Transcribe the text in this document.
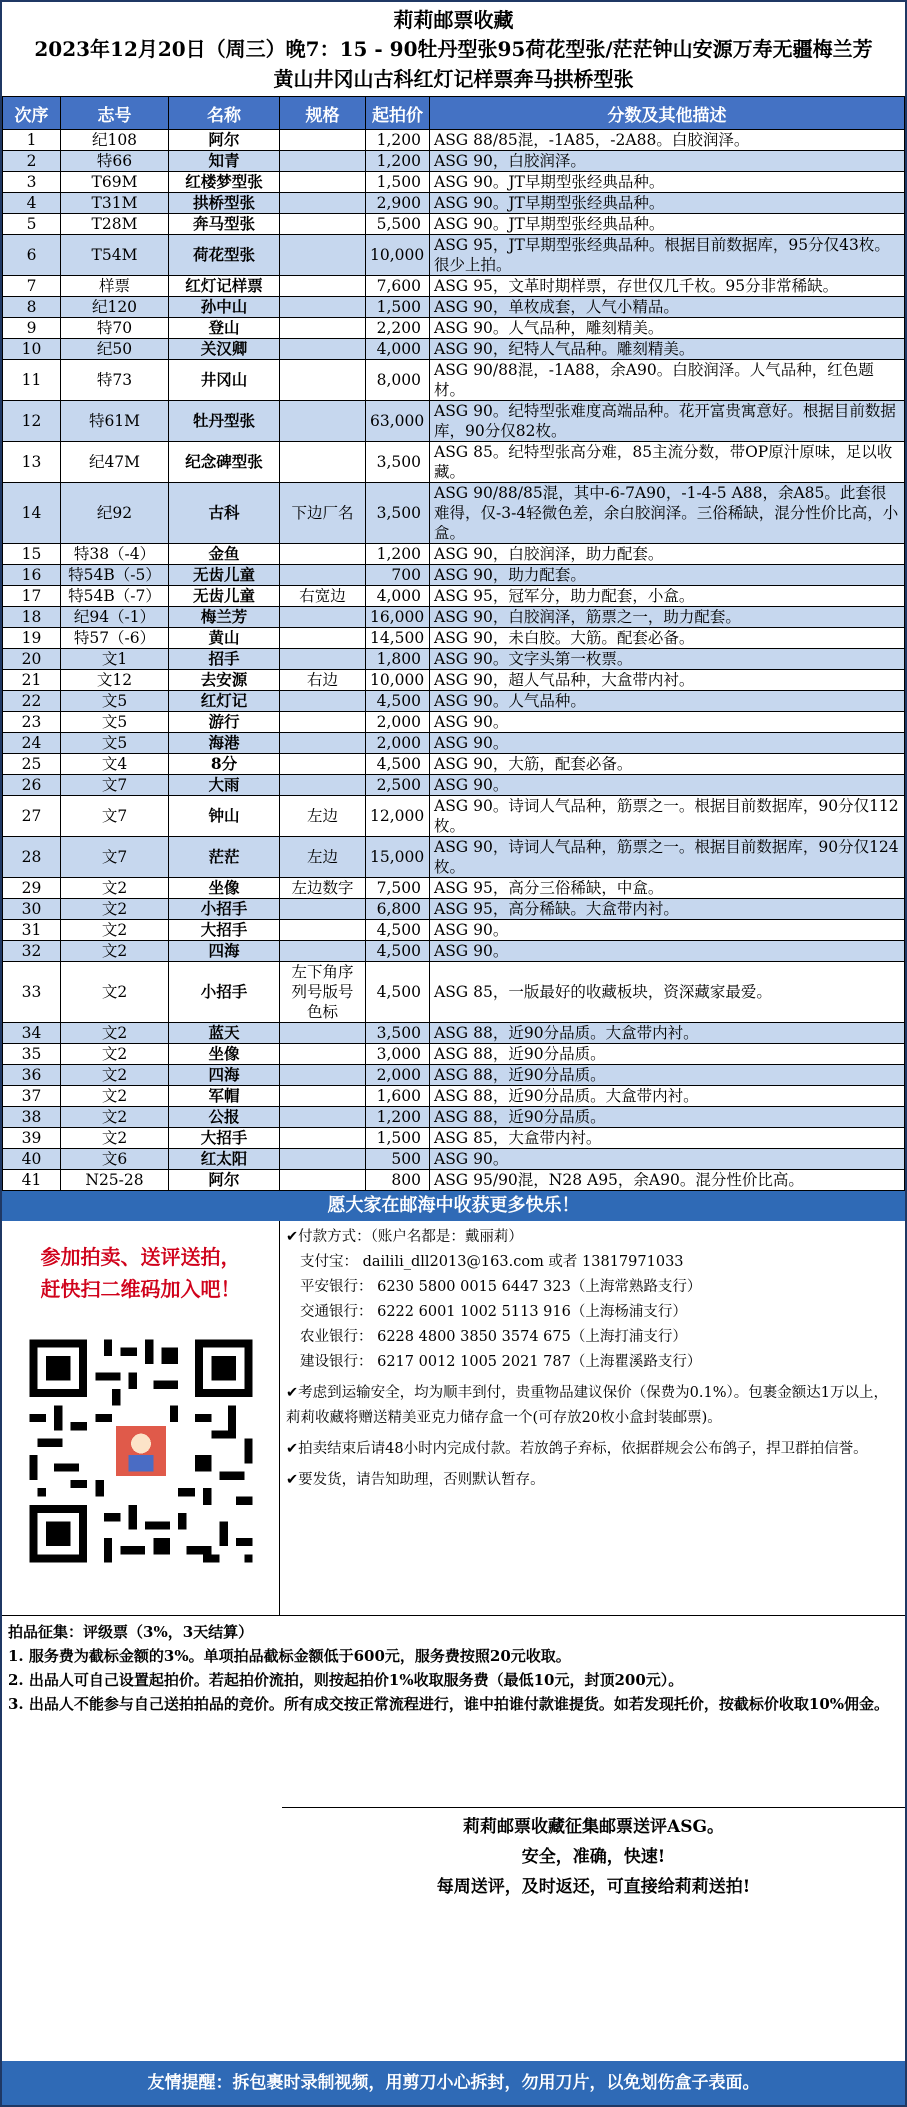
莉莉邮票收藏
2023年12月20日（周三）晚7：15 - 90牡丹型张95荷花型张/茫茫钟山安源万寿无疆梅兰芳
黄山井冈山古科红灯记样票奔马拱桥型张
次序	志号	名称	规格	起拍价	分数及其他描述
1	纪108	阿尔		1,200	ASG 88/85混，-1A85，-2A88。白胶润泽。
2	特66	知青		1,200	ASG 90，白胶润泽。
3	T69M	红楼梦型张		1,500	ASG 90。JT早期型张经典品种。
4	T31M	拱桥型张		2,900	ASG 90。JT早期型张经典品种。
5	T28M	奔马型张		5,500	ASG 90。JT早期型张经典品种。
6	T54M	荷花型张		10,000	ASG 95，JT早期型张经典品种。根据目前数据库，95分仅43枚。很少上拍。
7	样票	红灯记样票		7,600	ASG 95，文革时期样票，存世仅几千枚。95分非常稀缺。
8	纪120	孙中山		1,500	ASG 90，单枚成套，人气小精品。
9	特70	登山		2,200	ASG 90。人气品种，雕刻精美。
10	纪50	关汉卿		4,000	ASG 90，纪特人气品种。雕刻精美。
11	特73	井冈山		8,000	ASG 90/88混，-1A88，余A90。白胶润泽。人气品种，红色题材。
12	特61M	牡丹型张		63,000	ASG 90。纪特型张难度高端品种。花开富贵寓意好。根据目前数据库，90分仅82枚。
13	纪47M	纪念碑型张		3,500	ASG 85。纪特型张高分难，85主流分数，带OP原汁原味，足以收藏。
14	纪92	古科	下边厂名	3,500	ASG 90/88/85混，其中-6-7A90，-1-4-5 A88，余A85。此套很难得，仅-3-4轻微色差，余白胶润泽。三俗稀缺，混分性价比高，小盒。
15	特38（-4）	金鱼		1,200	ASG 90，白胶润泽，助力配套。
16	特54B（-5）	无齿儿童		700	ASG 90，助力配套。
17	特54B（-7）	无齿儿童	右宽边	4,000	ASG 95，冠军分，助力配套，小盒。
18	纪94（-1）	梅兰芳		16,000	ASG 90，白胶润泽，筋票之一，助力配套。
19	特57（-6）	黄山		14,500	ASG 90，未白胶。大筋。配套必备。
20	文1	招手		1,800	ASG 90。文字头第一枚票。
21	文12	去安源	右边	10,000	ASG 90，超人气品种，大盒带内衬。
22	文5	红灯记		4,500	ASG 90。人气品种。
23	文5	游行		2,000	ASG 90。
24	文5	海港		2,000	ASG 90。
25	文4	8分		4,500	ASG 90，大筋，配套必备。
26	文7	大雨		2,500	ASG 90。
27	文7	钟山	左边	12,000	ASG 90。诗词人气品种，筋票之一。根据目前数据库，90分仅112枚。
28	文7	茫茫	左边	15,000	ASG 90，诗词人气品种，筋票之一。根据目前数据库，90分仅124枚。
29	文2	坐像	左边数字	7,500	ASG 95，高分三俗稀缺，中盒。
30	文2	小招手		6,800	ASG 95，高分稀缺。大盒带内衬。
31	文2	大招手		4,500	ASG 90。
32	文2	四海		4,500	ASG 90。
33	文2	小招手	左下角序列号版号色标	4,500	ASG 85，一版最好的收藏板块，资深藏家最爱。
34	文2	蓝天		3,500	ASG 88，近90分品质。大盒带内衬。
35	文2	坐像		3,000	ASG 88，近90分品质。
36	文2	四海		2,000	ASG 88，近90分品质。
37	文2	军帽		1,600	ASG 88，近90分品质。大盒带内衬。
38	文2	公报		1,200	ASG 88，近90分品质。
39	文2	大招手		1,500	ASG 85，大盒带内衬。
40	文6	红太阳		500	ASG 90。
41	N25-28	阿尔		800	ASG 95/90混，N28 A95，余A90。混分性价比高。
愿大家在邮海中收获更多快乐！
参加拍卖、送评送拍，
赶快扫二维码加入吧！
✔付款方式：（账户名都是：戴丽莉）
支付宝： dailili_dll2013@163.com 或者 13817971033
平安银行： 6230 5800 0015 6447 323（上海常熟路支行）
交通银行： 6222 6001 1002 5113 916（上海杨浦支行）
农业银行： 6228 4800 3850 3574 675（上海打浦支行）
建设银行： 6217 0012 1005 2021 787（上海瞿溪路支行）
✔考虑到运输安全，均为顺丰到付，贵重物品建议保价（保费为0.1%）。包裹金额达1万以上，莉莉收藏将赠送精美亚克力储存盒一个(可存放20枚小盒封装邮票)。
✔拍卖结束后请48小时内完成付款。若放鸽子弃标，依据群规会公布鸽子，捍卫群拍信誉。
✔要发货，请告知助理，否则默认暂存。
莉莉邮票收藏征集邮票送评ASG。
安全，准确，快速!
每周送评，及时返还，可直接给莉莉送拍!
拍品征集：评级票（3%，3天结算）
1. 服务费为截标金额的3%。单项拍品截标金额低于600元，服务费按照20元收取。
2. 出品人可自己设置起拍价。若起拍价流拍，则按起拍价1%收取服务费（最低10元，封顶200元）。
3. 出品人不能参与自己送拍拍品的竞价。所有成交按正常流程进行，谁中拍谁付款谁提货。如若发现托价，按截标价收取10%佣金。
友情提醒：拆包裹时录制视频，用剪刀小心拆封，勿用刀片，以免划伤盒子表面。
